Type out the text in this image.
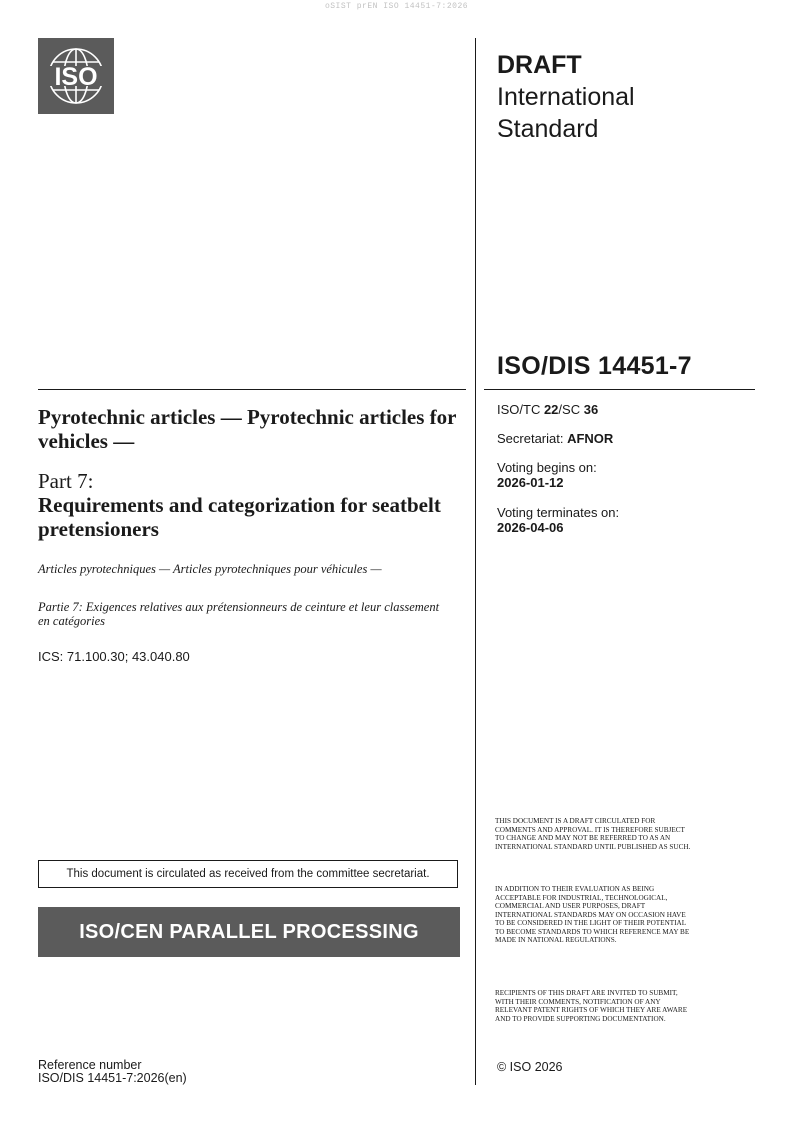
oSIST prEN ISO 14451-7:2026
ISO	DRAFT
International
Standard
ISO/DIS 14451-7
ISO/TC 22/SC 36
Secretariat: AFNOR
Voting begins on:
2026-01-12
Voting terminates on:
2026-04-06
Pyrotechnic articles — Pyrotechnic articles for vehicles —
Part 7:
Requirements and categorization for seatbelt pretensioners
Articles pyrotechniques — Articles pyrotechniques pour véhicules —
Partie 7: Exigences relatives aux prétensionneurs de ceinture et leur classement en catégories
ICS: 71.100.30; 43.040.80
This document is circulated as received from the committee secretariat.
ISO/CEN PARALLEL PROCESSING
THIS DOCUMENT IS A DRAFT CIRCULATED FOR COMMENTS AND APPROVAL. IT IS THEREFORE SUBJECT TO CHANGE AND MAY NOT BE REFERRED TO AS AN INTERNATIONAL STANDARD UNTIL PUBLISHED AS SUCH.
IN ADDITION TO THEIR EVALUATION AS BEING ACCEPTABLE FOR INDUSTRIAL, TECHNOLOGICAL, COMMERCIAL AND USER PURPOSES, DRAFT INTERNATIONAL STANDARDS MAY ON OCCASION HAVE TO BE CONSIDERED IN THE LIGHT OF THEIR POTENTIAL TO BECOME STANDARDS TO WHICH REFERENCE MAY BE MADE IN NATIONAL REGULATIONS.
RECIPIENTS OF THIS DRAFT ARE INVITED TO SUBMIT, WITH THEIR COMMENTS, NOTIFICATION OF ANY RELEVANT PATENT RIGHTS OF WHICH THEY ARE AWARE AND TO PROVIDE SUPPORTING DOCUMENTATION.
© ISO 2026
Reference number
ISO/DIS 14451-7:2026(en)
